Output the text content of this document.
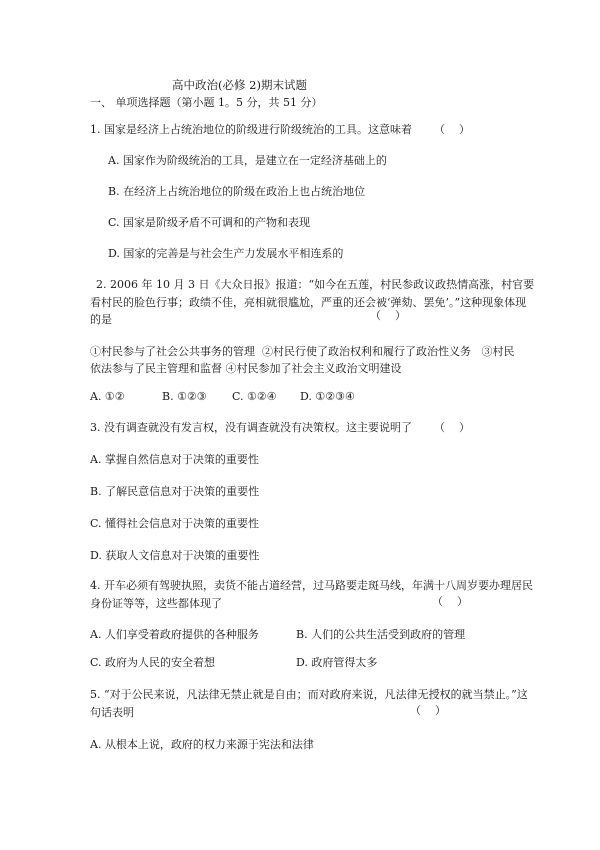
高中政治(必修 2)期末试题
一、 单项选择题（第小题 1。5 分，共 51 分）
1. 国家是经济上占统治地位的阶级进行阶级统治的工具。这意味着 （    ）
A. 国家作为阶级统治的工具，是建立在一定经济基础上的
B. 在经济上占统治地位的阶级在政治上也占统治地位
C. 国家是阶级矛盾不可调和的产物和表现
D. 国家的完善是与社会生产力发展水平相连系的
2. 2006 年 10 月 3 日《大众日报》报道：“如今在五莲，村民参政议政热情高涨，村官要
看村民的脸色行事；政绩不佳，亮相就很尴尬，严重的还会被‘弹劾、罢免’。”这种现象体现
的是	（    ）
①村民参与了社会公共事务的管理  ②村民行使了政治权利和履行了政治性义务   ③村民
依法参与了民主管理和监督 ④村民参加了社会主义政治文明建设
A. ①②	B. ①②③ C. ①②④ D. ①②③④
3. 没有调查就没有发言权，没有调查就没有决策权。这主要说明了 （    ）
A. 掌握自然信息对于决策的重要性
B. 了解民意信息对于决策的重要性
C. 懂得社会信息对于决策的重要性
D. 获取人文信息对于决策的重要性
4. 开车必须有驾驶执照，卖货不能占道经营，过马路要走斑马线，年满十八周岁要办理居民
身份证等等，这些都体现了	（    ）
A. 人们享受着政府提供的各种服务	B. 人们的公共生活受到政府的管理
C. 政府为人民的安全着想	D. 政府管得太多
5. “对于公民来说，凡法律无禁止就是自由；而对政府来说，凡法律无授权的就当禁止。”这
句话表明	（    ）
A. 从根本上说，政府的权力来源于宪法和法律
